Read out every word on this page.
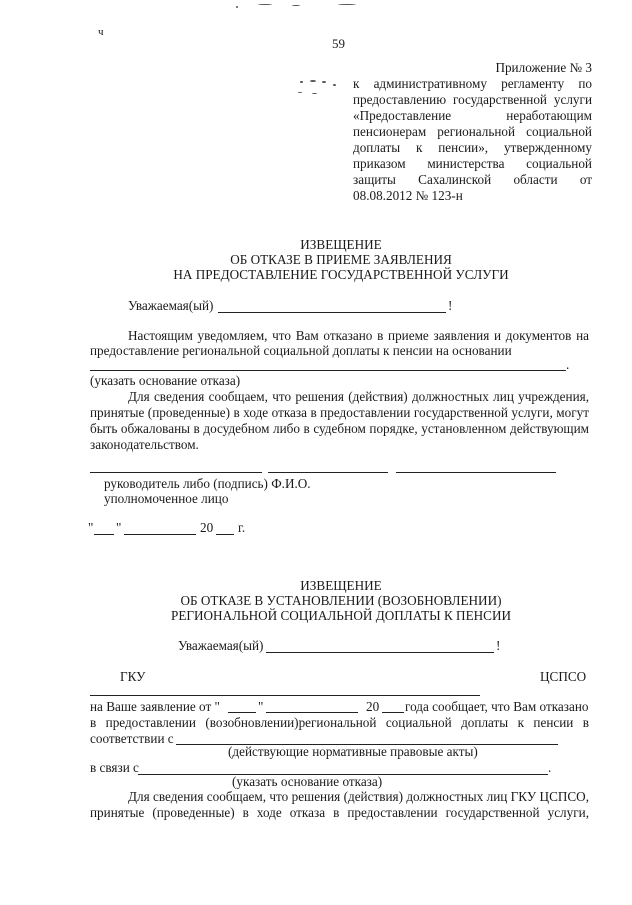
ч
59
Приложение № 3
к административному регламенту по
предоставлению государственной услуги
«Предоставление неработающим
пенсионерам региональной социальной
доплаты к пенсии», утвержденному
приказом министерства социальной
защиты Сахалинской области от
08.08.2012 № 123-н
ИЗВЕЩЕНИЕ
ОБ ОТКАЗЕ В ПРИЕМЕ ЗАЯВЛЕНИЯ
НА ПРЕДОСТАВЛЕНИЕ ГОСУДАРСТВЕННОЙ УСЛУГИ
Уважаемая(ый)	!
Настоящим уведомляем, что Вам отказано в приеме заявления и документов на
предоставление региональной социальной доплаты к пенсии на основании
.
(указать основание отказа)
Для сведения сообщаем, что решения (действия) должностных лиц учреждения,
принятые (проведенные) в ходе отказа в предоставлении государственной услуги, могут
быть обжалованы в досудебном либо в судебном порядке, установленном действующим
законодательством.
руководитель либо (подпись) Ф.И.О.
уполномоченное лицо
" "	20 г.
ИЗВЕЩЕНИЕ
ОБ ОТКАЗЕ В УСТАНОВЛЕНИИ (ВОЗОБНОВЛЕНИИ)
РЕГИОНАЛЬНОЙ СОЦИАЛЬНОЙ ДОПЛАТЫ К ПЕНСИИ
Уважаемая(ый)	!
ГКУ	ЦСПСО
на Ваше заявление от "	"	20 года сообщает, что Вам отказано
в предоставлении (возобновлении)региональной социальной доплаты к пенсии в
соответствии с
(действующие нормативные правовые акты)
в связи с	.
(указать основание отказа)
Для сведения сообщаем, что решения (действия) должностных лиц ГКУ ЦСПСО,
принятые (проведенные) в ходе отказа в предоставлении государственной услуги,
